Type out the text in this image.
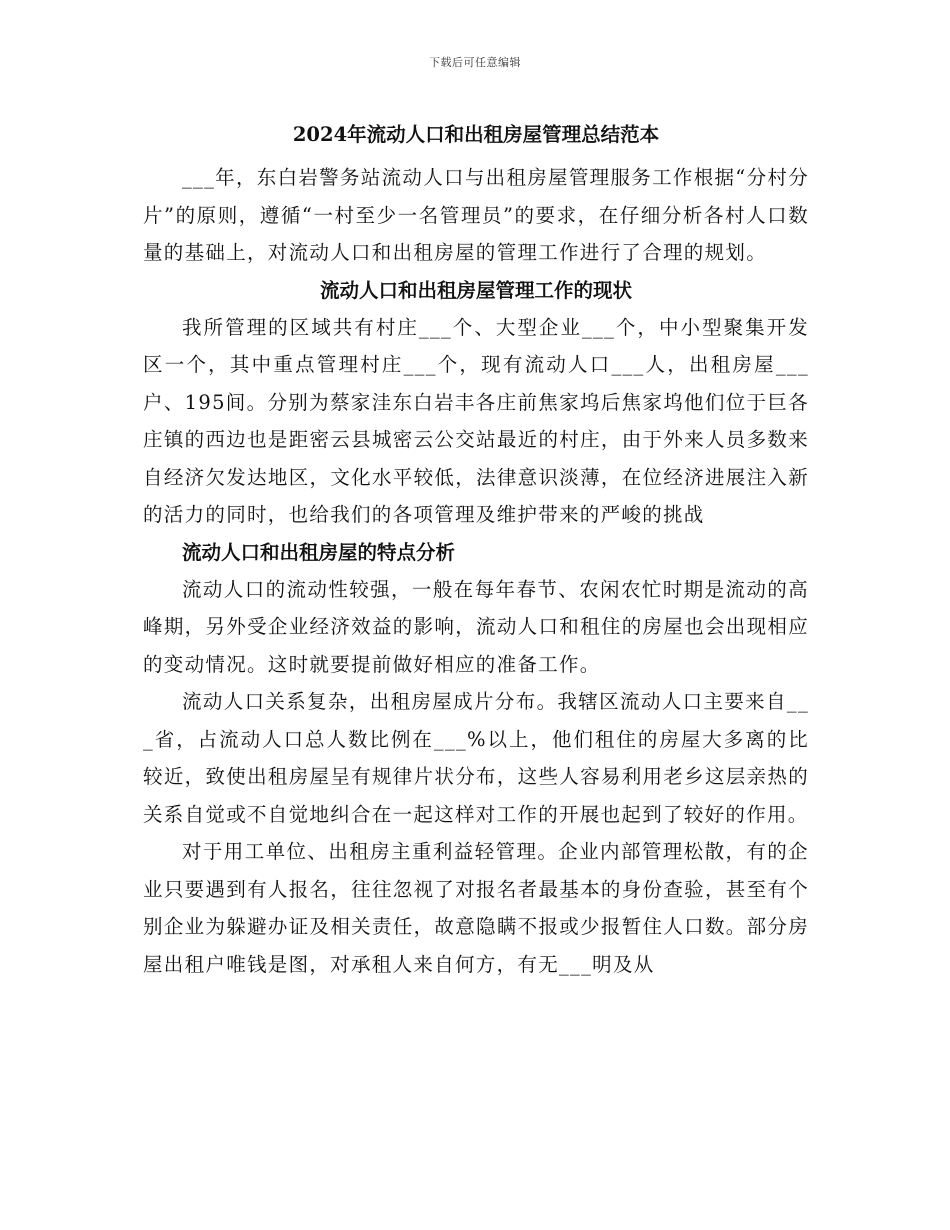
下载后可任意编辑
2024年流动人口和出租房屋管理总结范本

___年，东白岩警务站流动人口与出租房屋管理服务工作根据“分村分片”的原则，遵循“一村至少一名管理员”的要求，在仔细分析各村人口数量的基础上，对流动人口和出租房屋的管理工作进行了合理的规划。

流动人口和出租房屋管理工作的现状

我所管理的区域共有村庄___个、大型企业___个，中小型聚集开发区一个，其中重点管理村庄___个，现有流动人口___人，出租房屋___户、195间。分别为蔡家洼东白岩丰各庄前焦家坞后焦家坞他们位于巨各庄镇的西边也是距密云县城密云公交站最近的村庄，由于外来人员多数来自经济欠发达地区，文化水平较低，法律意识淡薄，在位经济进展注入新的活力的同时，也给我们的各项管理及维护带来的严峻的挑战

流动人口和出租房屋的特点分析

流动人口的流动性较强，一般在每年春节、农闲农忙时期是流动的高峰期，另外受企业经济效益的影响，流动人口和租住的房屋也会出现相应的变动情况。这时就要提前做好相应的准备工作。

流动人口关系复杂，出租房屋成片分布。我辖区流动人口主要来自___省，占流动人口总人数比例在___%以上，他们租住的房屋大多离的比较近，致使出租房屋呈有规律片状分布，这些人容易利用老乡这层亲热的关系自觉或不自觉地纠合在一起这样对工作的开展也起到了较好的作用。

对于用工单位、出租房主重利益轻管理。企业内部管理松散，有的企业只要遇到有人报名，往往忽视了对报名者最基本的身份查验，甚至有个别企业为躲避办证及相关责任，故意隐瞒不报或少报暂住人口数。部分房屋出租户唯钱是图，对承租人来自何方，有无___明及从
